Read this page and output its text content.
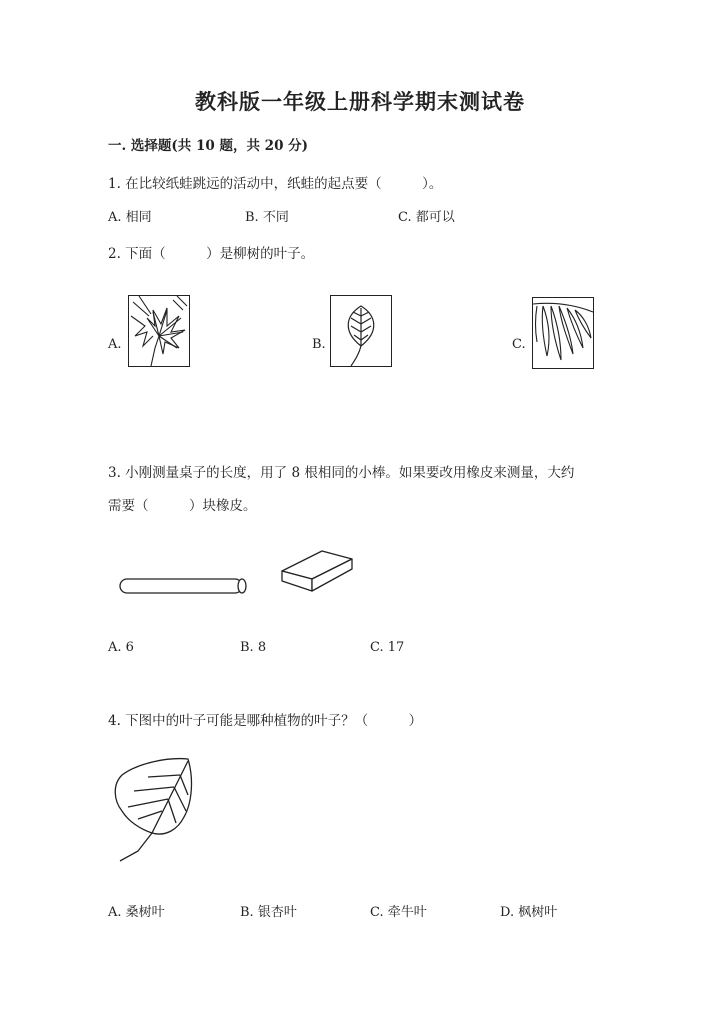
教科版一年级上册科学期末测试卷
一. 选择题(共 10 题，共 20 分)
1. 在比较纸蛙跳远的活动中，纸蛙的起点要（　　　）。
A. 相同	B. 不同	C. 都可以
2. 下面（　　　）是柳树的叶子。
A.	B.	C.
3. 小刚测量桌子的长度，用了 8 根相同的小棒。如果要改用橡皮来测量，大约
需要（　　　）块橡皮。
A. 6	B. 8	C. 17
4. 下图中的叶子可能是哪种植物的叶子？（　　　）
A. 桑树叶	B. 银杏叶	C. 牵牛叶	D. 枫树叶
